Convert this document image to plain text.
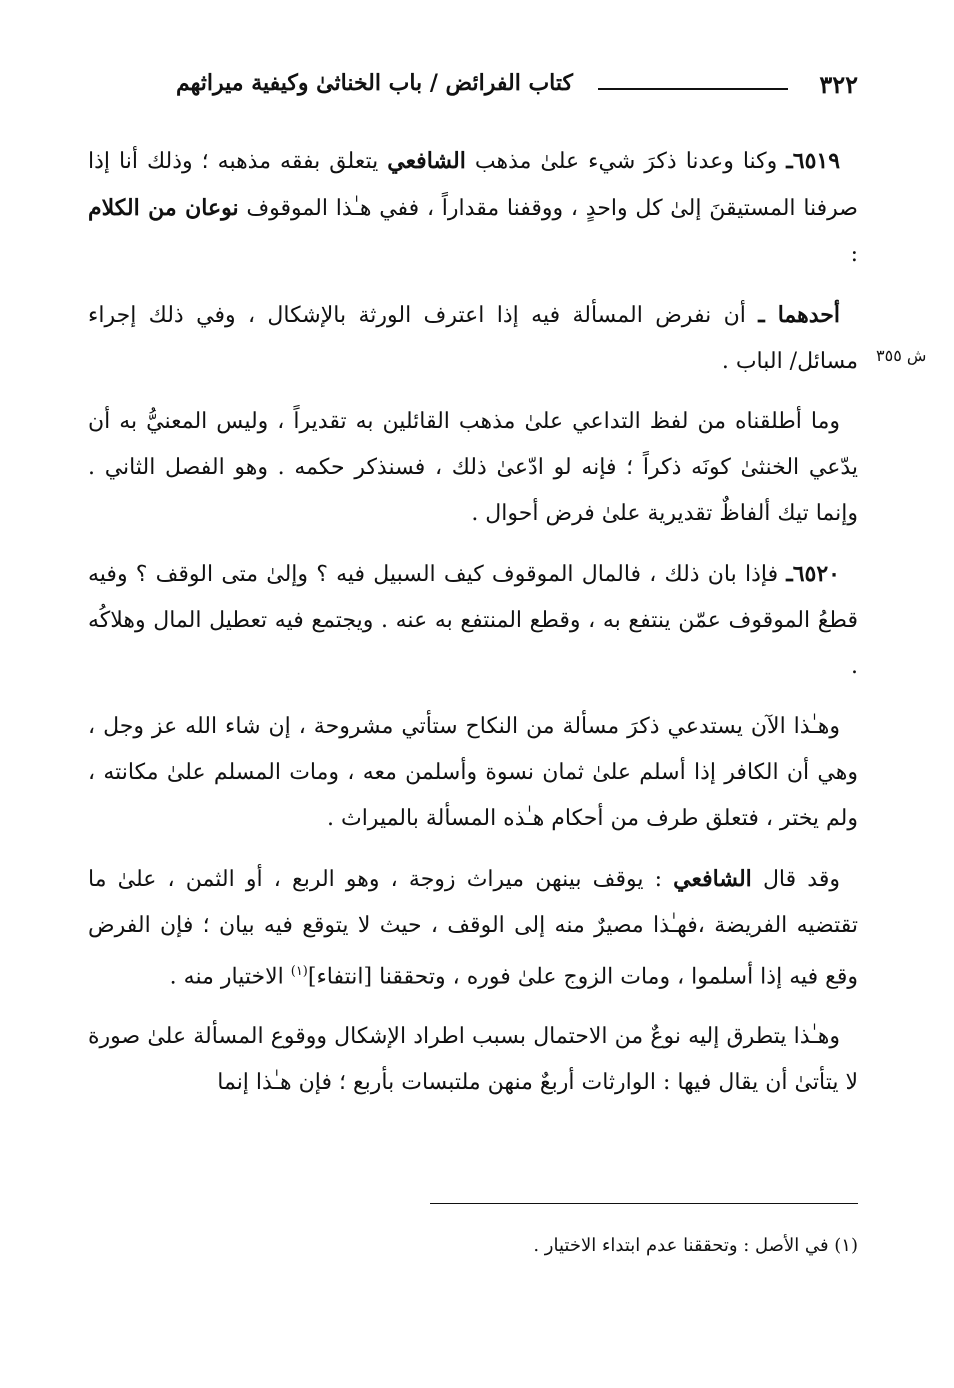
٣٢٢
كتاب الفرائض / باب الخناثىٰ وكيفية ميراثهم
ش ٣٥٥

٦٥١٩ـ وكنا وعدنا ذكرَ شيء علىٰ مذهب الشافعي يتعلق بفقه مذهبه ؛ وذلك أنا إذا صرفنا المستيقنَ إلىٰ كل واحدٍ ، ووقفنا مقداراً ، ففي هـٰذا الموقوف نوعان من الكلام :

أحدهما ـ أن نفرض المسألة فيه إذا اعترف الورثة بالإشكال ، وفي ذلك إجراء مسائل/ الباب .

وما أطلقناه من لفظ التداعي علىٰ مذهب القائلين به تقديراً ، وليس المعنيُّ به أن يدّعي الخنثىٰ كونَه ذكراً ؛ فإنه لو ادّعىٰ ذلك ، فسنذكر حكمه . وهو الفصل الثاني . وإنما تيك ألفاظٌ تقديرية علىٰ فرض أحوال .

٦٥٢٠ـ فإذا بان ذلك ، فالمال الموقوف كيف السبيل فيه ؟ وإلىٰ متى الوقف ؟ وفيه قطعُ الموقوف عمّن ينتفع به ، وقطع المنتفع به عنه . ويجتمع فيه تعطيل المال وهلاكُه .

وهـٰذا الآن يستدعي ذكرَ مسألة من النكاح ستأتي مشروحة ، إن شاء الله عز وجل ، وهي أن الكافر إذا أسلم علىٰ ثمان نسوة وأسلمن معه ، ومات المسلم علىٰ مكانته ، ولم يختر ، فتعلق طرف من أحكام هـٰذه المسألة بالميراث .

وقد قال الشافعي : يوقف بينهن ميراث زوجة ، وهو الربع ، أو الثمن ، علىٰ ما تقتضيه الفريضة ،فهـٰذا مصيرٌ منه إلى الوقف ، حيث لا يتوقع فيه بيان ؛ فإن الفرض وقع فيه إذا أسلموا ، ومات الزوج علىٰ فوره ، وتحققنا [انتفاء]$^{(١)}$ الاختيار منه .

وهـٰذا يتطرق إليه نوعٌ من الاحتمال بسبب اطراد الإشكال ووقوع المسألة علىٰ صورة لا يتأتىٰ أن يقال فيها : الوارثات أربعٌ منهن ملتبسات بأربع ؛ فإن هـٰذا إنما

(١) في الأصل : وتحققنا عدم ابتداء الاختيار .
